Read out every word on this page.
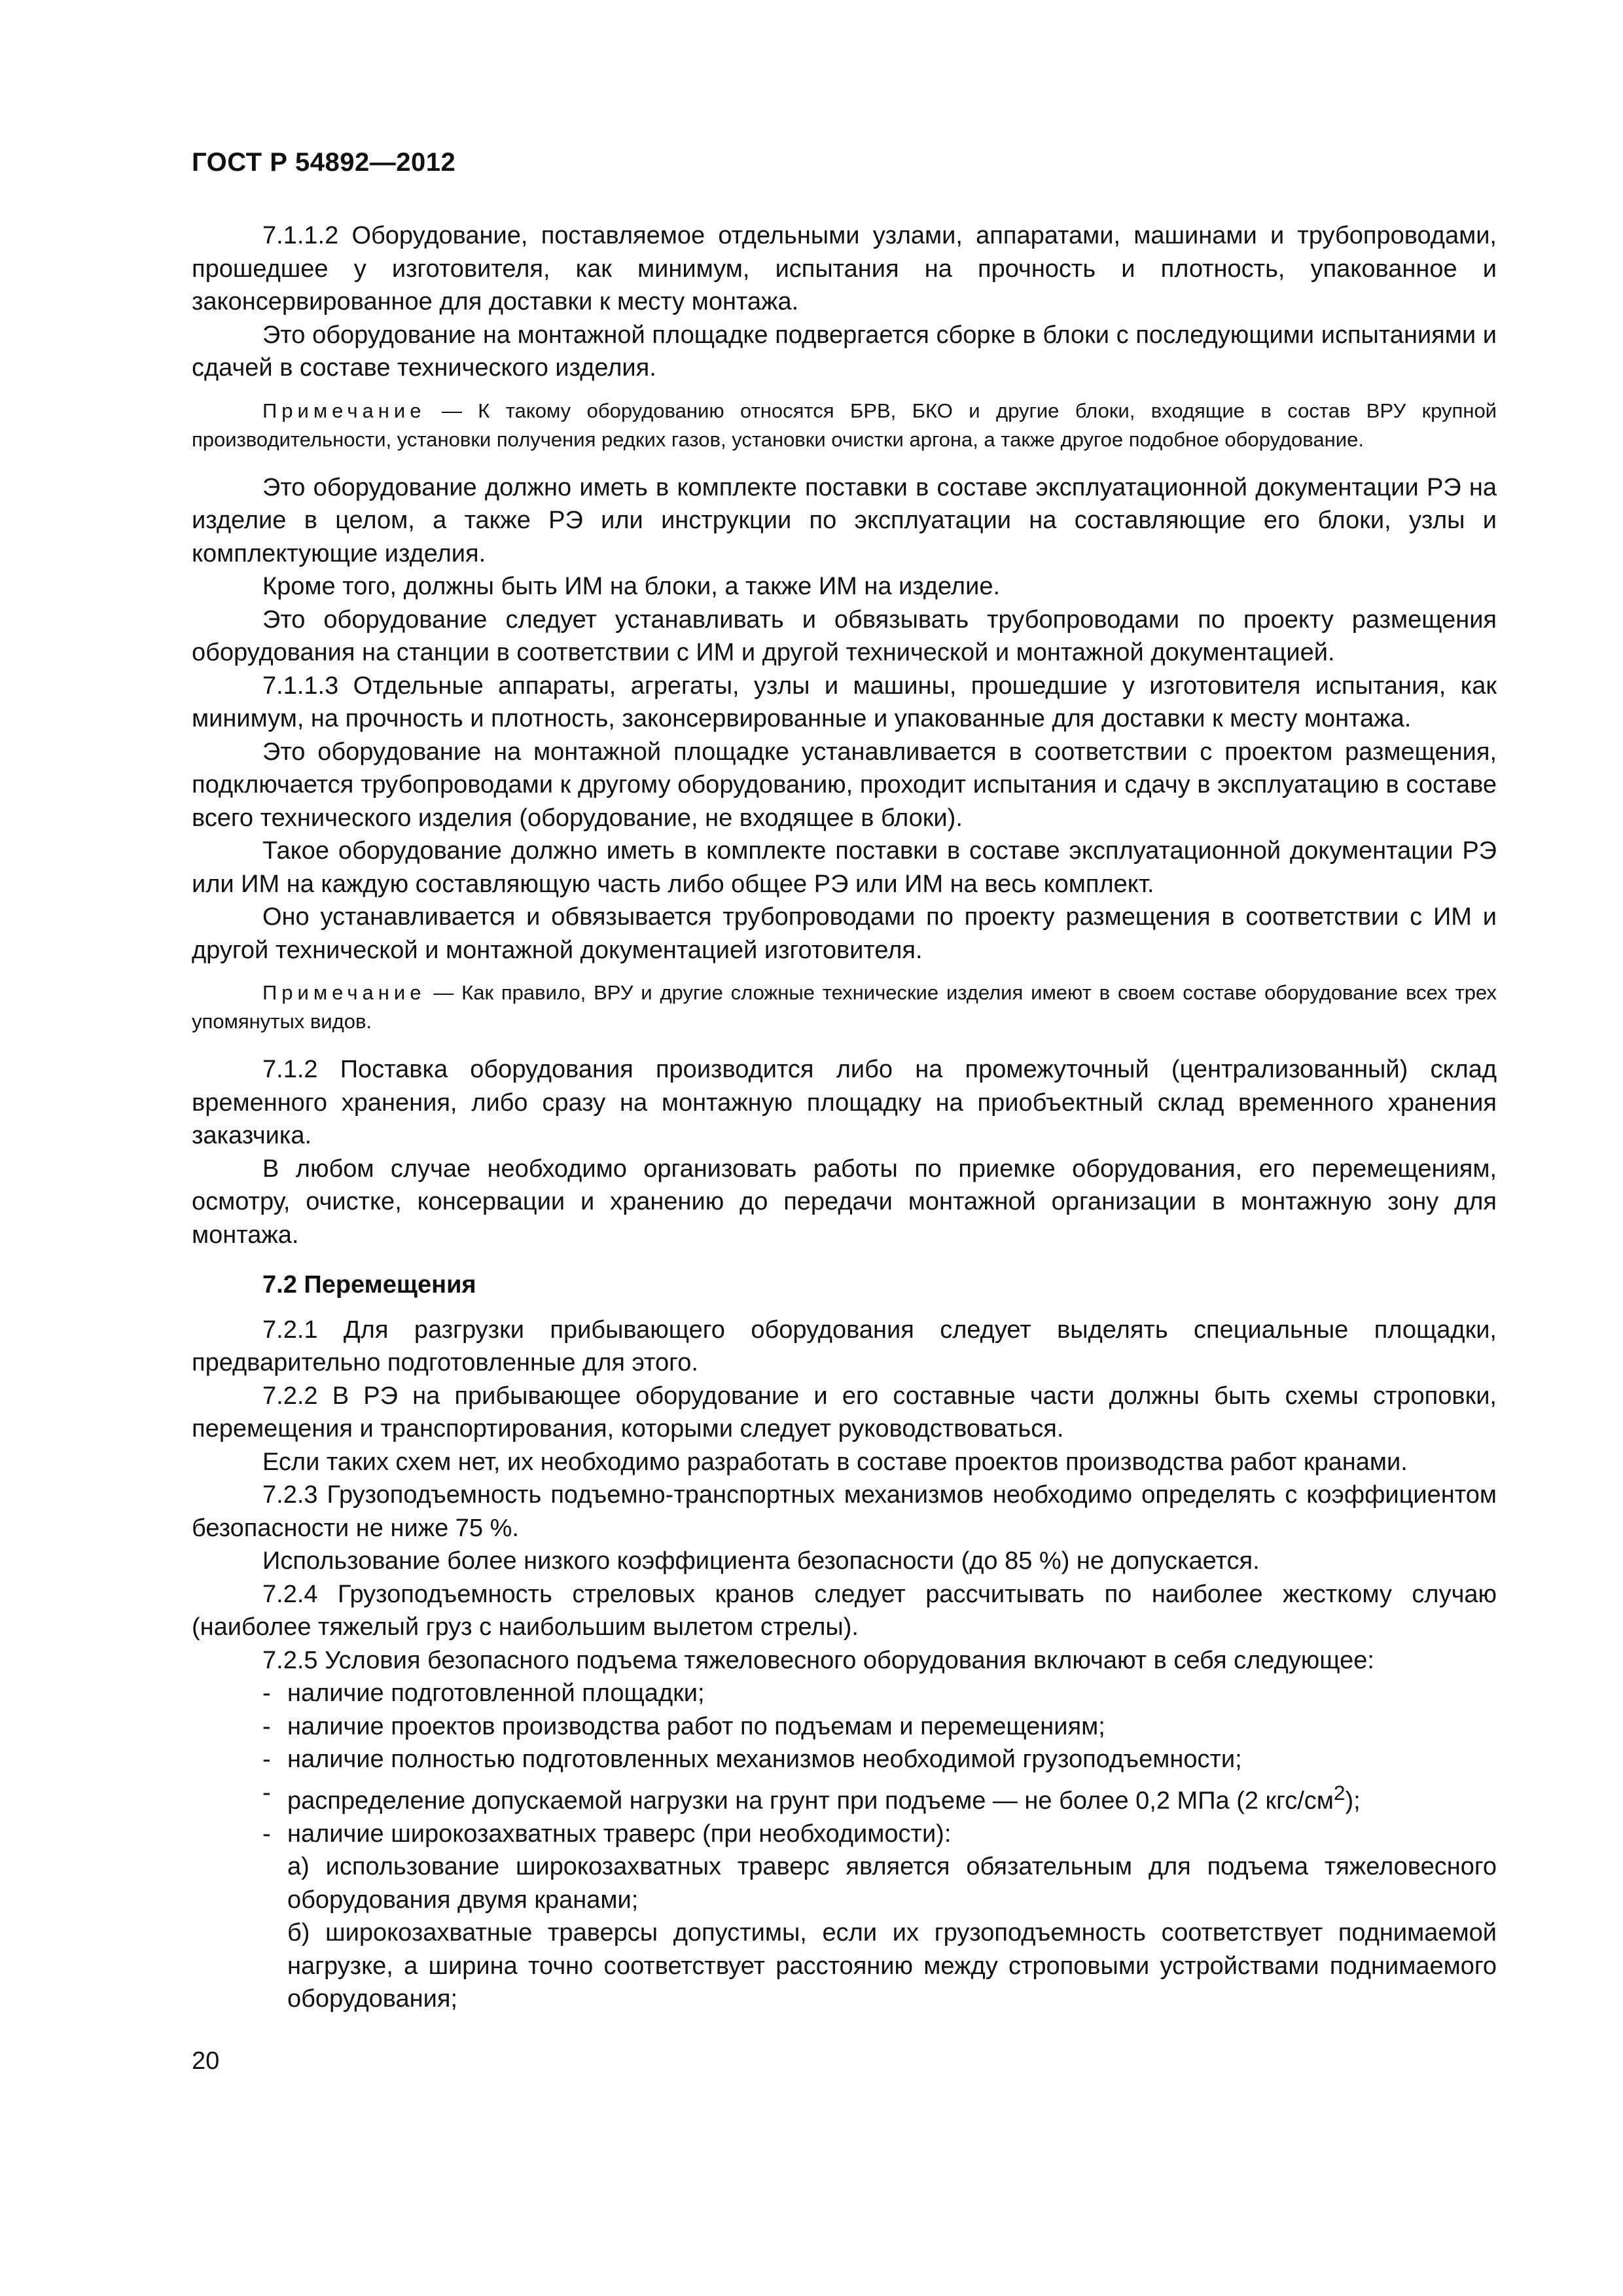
ГОСТ Р 54892—2012

7.1.1.2 Оборудование, поставляемое отдельными узлами, аппаратами, машинами и трубопроводами, прошедшее у изготовителя, как минимум, испытания на прочность и плотность, упакованное и законсервированное для доставки к месту монтажа.

Это оборудование на монтажной площадке подвергается сборке в блоки с последующими испытаниями и сдачей в составе технического изделия.

Примечание — К такому оборудованию относятся БРВ, БКО и другие блоки, входящие в состав ВРУ крупной производительности, установки получения редких газов, установки очистки аргона, а также другое подобное оборудование.

Это оборудование должно иметь в комплекте поставки в составе эксплуатационной документации РЭ на изделие в целом, а также РЭ или инструкции по эксплуатации на составляющие его блоки, узлы и комплектующие изделия.

Кроме того, должны быть ИМ на блоки, а также ИМ на изделие.

Это оборудование следует устанавливать и обвязывать трубопроводами по проекту размещения оборудования на станции в соответствии с ИМ и другой технической и монтажной документацией.

7.1.1.3 Отдельные аппараты, агрегаты, узлы и машины, прошедшие у изготовителя испытания, как минимум, на прочность и плотность, законсервированные и упакованные для доставки к месту монтажа.

Это оборудование на монтажной площадке устанавливается в соответствии с проектом размещения, подключается трубопроводами к другому оборудованию, проходит испытания и сдачу в эксплуатацию в составе всего технического изделия (оборудование, не входящее в блоки).

Такое оборудование должно иметь в комплекте поставки в составе эксплуатационной документации РЭ или ИМ на каждую составляющую часть либо общее РЭ или ИМ на весь комплект.

Оно устанавливается и обвязывается трубопроводами по проекту размещения в соответствии с ИМ и другой технической и монтажной документацией изготовителя.

Примечание — Как правило, ВРУ и другие сложные технические изделия имеют в своем составе оборудование всех трех упомянутых видов.

7.1.2 Поставка оборудования производится либо на промежуточный (централизованный) склад временного хранения, либо сразу на монтажную площадку на приобъектный склад временного хранения заказчика.

В любом случае необходимо организовать работы по приемке оборудования, его перемещениям, осмотру, очистке, консервации и хранению до передачи монтажной организации в монтажную зону для монтажа.

7.2 Перемещения

7.2.1 Для разгрузки прибывающего оборудования следует выделять специальные площадки, предварительно подготовленные для этого.

7.2.2 В РЭ на прибывающее оборудование и его составные части должны быть схемы строповки, перемещения и транспортирования, которыми следует руководствоваться.

Если таких схем нет, их необходимо разработать в составе проектов производства работ кранами.

7.2.3 Грузоподъемность подъемно-транспортных механизмов необходимо определять с коэффициентом безопасности не ниже 75 %.

Использование более низкого коэффициента безопасности (до 85 %) не допускается.

7.2.4 Грузоподъемность стреловых кранов следует рассчитывать по наиболее жесткому случаю (наиболее тяжелый груз с наибольшим вылетом стрелы).

7.2.5 Условия безопасного подъема тяжеловесного оборудования включают в себя следующее:

- наличие подготовленной площадки;
- наличие проектов производства работ по подъемам и перемещениям;
- наличие полностью подготовленных механизмов необходимой грузоподъемности;
- распределение допускаемой нагрузки на грунт при подъеме — не более 0,2 МПа (2 кгс/$см^2$);
- наличие широкозахватных траверс (при необходимости):

а) использование широкозахватных траверс является обязательным для подъема тяжеловесного оборудования двумя кранами;

б) широкозахватные траверсы допустимы, если их грузоподъемность соответствует поднимаемой нагрузке, а ширина точно соответствует расстоянию между строповыми устройствами поднимаемого оборудования;

20
